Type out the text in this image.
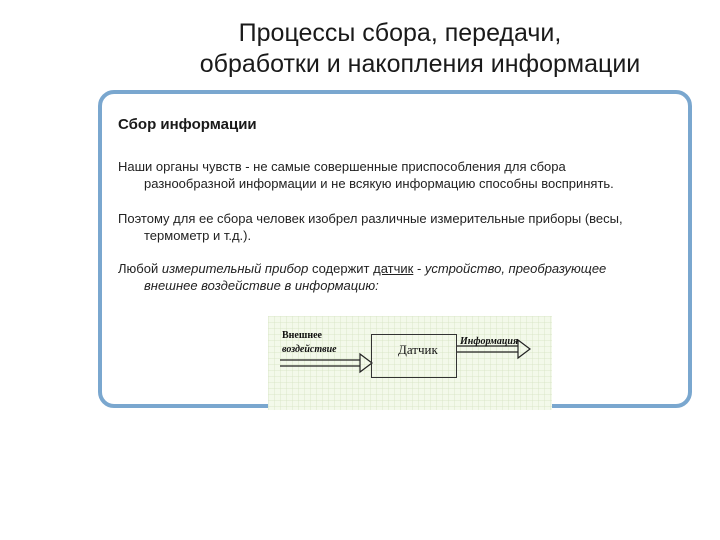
Процессы сбора, передачи,
обработки и накопления информации
Сбор информации
Наши органы чувств - не самые совершенные приспособления для сбора
разнообразной информации и не всякую информацию способны воспринять.
Поэтому для ее сбора человек изобрел различные измерительные приборы (весы,
термометр и т.д.).
Любой измерительный прибор содержит датчик - устройство, преобразующее
внешнее воздействие в информацию:
Внешнее
воздействие	Датчик
Информация
